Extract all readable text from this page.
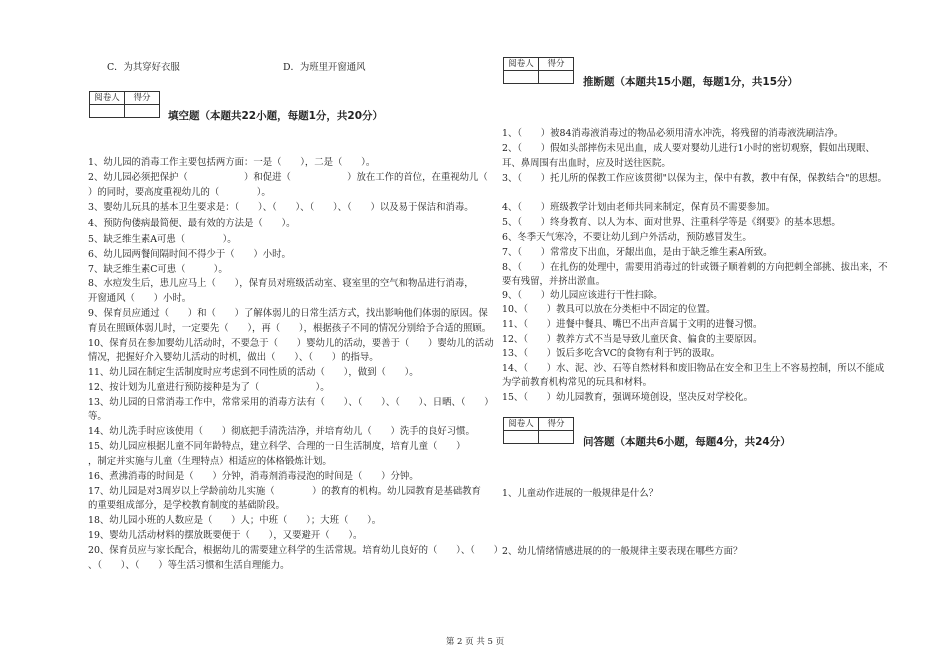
C．为其穿好衣服	D．为班里开窗通风
阅卷人	得分

填空题（本题共22小题，每题1分，共20分）
1、幼儿园的消毒工作主要包括两方面：一是（　　），二是（　　）。
2、幼儿园必须把保护（　　　　　　）和促进（　　　　　　）放在工作的首位，在重视幼儿（
）的同时，要高度重视幼儿的（　　　　）。
3、婴幼儿玩具的基本卫生要求是：（　　）、（　　）、（　　）、（　　）以及易于保洁和消毒。
4、预防佝偻病最简便、最有效的方法是（　　）。
5、缺乏维生素A可患（　　　　）。
6、幼儿园两餐间隔时间不得少于（　　）小时。
7、缺乏维生素C可患（　　　）。
8、水痘发生后，患儿应马上（　　），保育员对班级活动室、寝室里的空气和物品进行消毒，
开窗通风（　　）小时。
9、保育员应通过（　　）和（　　）了解体弱儿的日常生活方式，找出影响他们体弱的原因。保
育员在照顾体弱儿时，一定要先（　　），再（　　），根据孩子不同的情况分别给予合适的照顾。
10、保育员在参加婴幼儿活动时，不要急于（　　）婴幼儿的活动，要善于（　　）婴幼儿的活动
情况，把握好介入婴幼儿活动的时机，做出（　　）、（　　）的指导。
11、幼儿园在制定生活制度时应考虑到不同性质的活动（　　），做到（　　）。
12、按计划为儿童进行预防接种是为了（　　　　　　）。
13、幼儿园的日常消毒工作中，常常采用的消毒方法有（　　）、（　　）、（　　）、日晒、（　　）
等。
14、幼儿洗手时应该使用（　　）彻底把手清洗洁净，并培育幼儿（　　）洗手的良好习惯。
15、幼儿园应根据儿童不同年龄特点，建立科学、合理的一日生活制度，培育儿童（　　）
，制定并实施与儿童（生理特点）相适应的体格锻炼计划。
16、煮沸消毒的时间是（　　）分钟，消毒剂消毒浸泡的时间是（　　）分钟。
17、幼儿园是对3周岁以上学龄前幼儿实施（　　　　）的教育的机构。幼儿园教育是基础教育
的重要组成部分，是学校教育制度的基础阶段。
18、幼儿园小班的人数应是（　　）人；中班（　　）；大班（　　）。
19、婴幼儿活动材料的摆放既要便于（　　），又要避开（　　）。
20、保育员应与家长配合，根据幼儿的需要建立科学的生活常规。培育幼儿良好的（　　）、（　　）
、（　　）、（　　）等生活习惯和生活自理能力。
阅卷人	得分

推断题（本题共15小题，每题1分，共15分）
1、（　　）被84消毒液消毒过的物品必须用清水冲洗，将残留的消毒液洗刷洁净。
2、（　　）假如头部摔伤未见出血，成人要对婴幼儿进行1小时的密切观察，假如出现眼、
耳、鼻周围有出血时，应及时送往医院。
3、（　　）托儿所的保教工作应该贯彻"以保为主，保中有教，教中有保，保教结合"的思想。
4、（　　）班级教学计划由老师共同来制定，保育员不需要参加。
5、（　　）终身教育、以人为本、面对世界、注重科学等是《纲要》的基本思想。
6、冬季天气寒冷，不要让幼儿到户外活动，预防感冒发生。
7、（　　）常常皮下出血，牙龈出血，是由于缺乏维生素A所致。
8、（　　）在扎伤的处理中，需要用消毒过的针或镊子顺着刺的方向把刺全部挑、拔出来，不
要有残留，并挤出淤血。
9、（　　）幼儿园应该进行干性扫除。
10、（　　）教具可以放在分类柜中不固定的位置。
11、（　　）进餐中餐具、嘴巴不出声音属于文明的进餐习惯。
12、（　　）教养方式不当是导致儿童厌食、偏食的主要原因。
13、（　　）饭后多吃含VC的食物有利于钙的汲取。
14、（　　）水、泥、沙、石等自然材料和废旧物品在安全和卫生上不容易控制，所以不能成
为学前教育机构常见的玩具和材料。
15、（　　）幼儿园教育，强调环境创设，坚决反对学校化。
阅卷人	得分

问答题（本题共6小题，每题4分，共24分）
1、儿童动作进展的一般规律是什么？
2、幼儿情绪情感进展的的一般规律主要表现在哪些方面？
第 2 页 共 5 页
